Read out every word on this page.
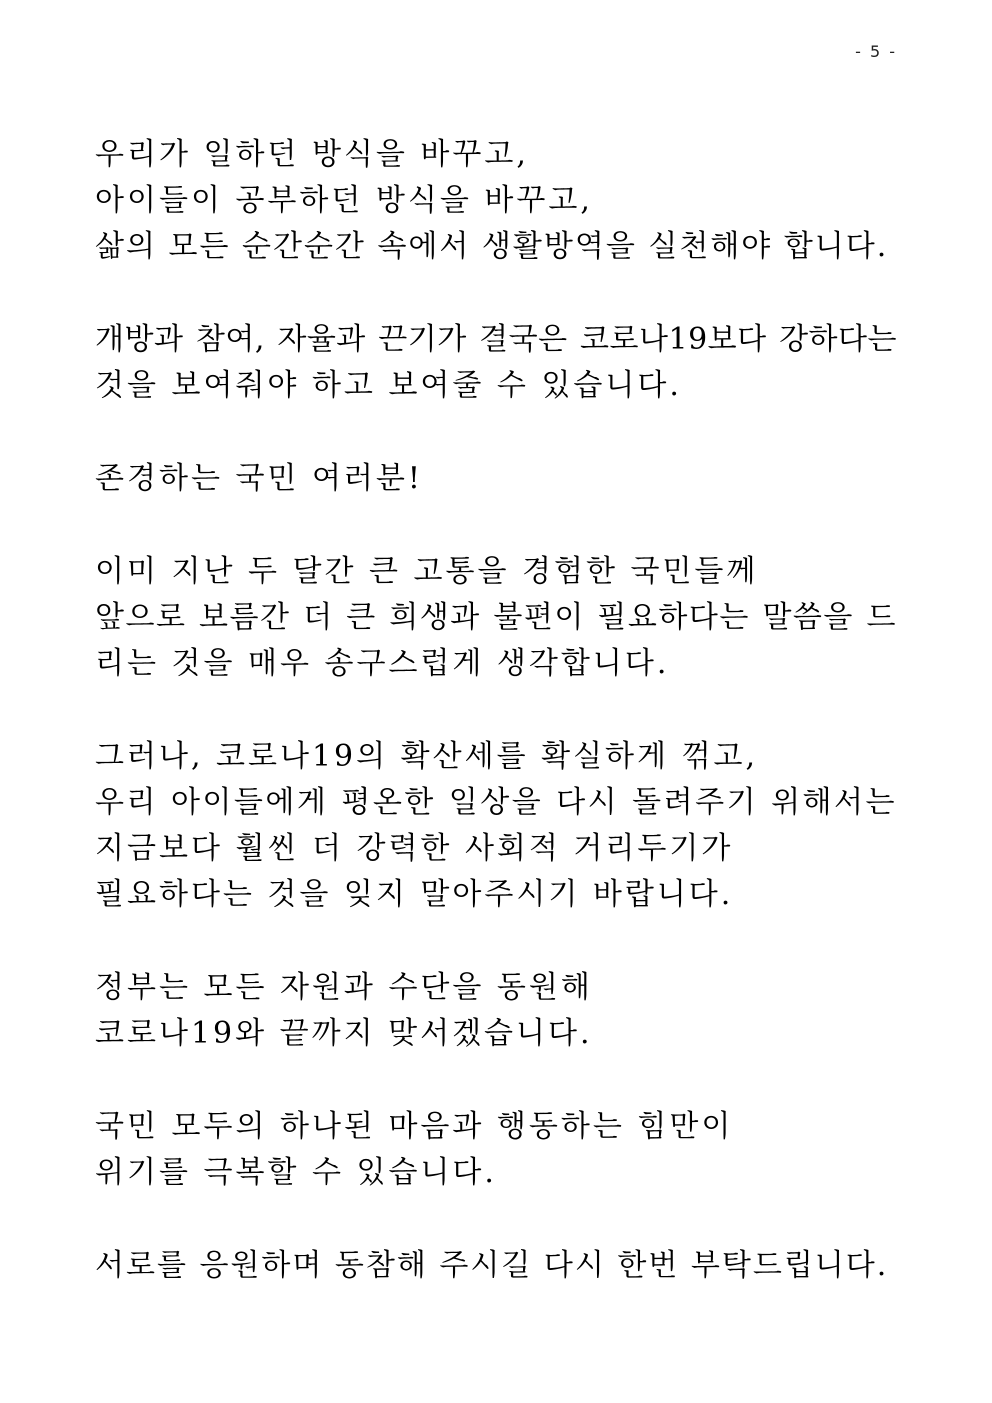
- 5 -
우리가 일하던 방식을 바꾸고,
아이들이 공부하던 방식을 바꾸고,
삶의 모든 순간순간 속에서 생활방역을 실천해야 합니다.
개방과 참여, 자율과 끈기가 결국은 코로나19보다 강하다는
것을 보여줘야 하고 보여줄 수 있습니다.
존경하는 국민 여러분!
이미 지난 두 달간 큰 고통을 경험한 국민들께
앞으로 보름간 더 큰 희생과 불편이 필요하다는 말씀을 드
리는 것을 매우 송구스럽게 생각합니다.
그러나, 코로나19의 확산세를 확실하게 꺾고,
우리 아이들에게 평온한 일상을 다시 돌려주기 위해서는
지금보다 훨씬 더 강력한 사회적 거리두기가
필요하다는 것을 잊지 말아주시기 바랍니다.
정부는 모든 자원과 수단을 동원해
코로나19와 끝까지 맞서겠습니다.
국민 모두의 하나된 마음과 행동하는 힘만이
위기를 극복할 수 있습니다.
서로를 응원하며 동참해 주시길 다시 한번 부탁드립니다.
